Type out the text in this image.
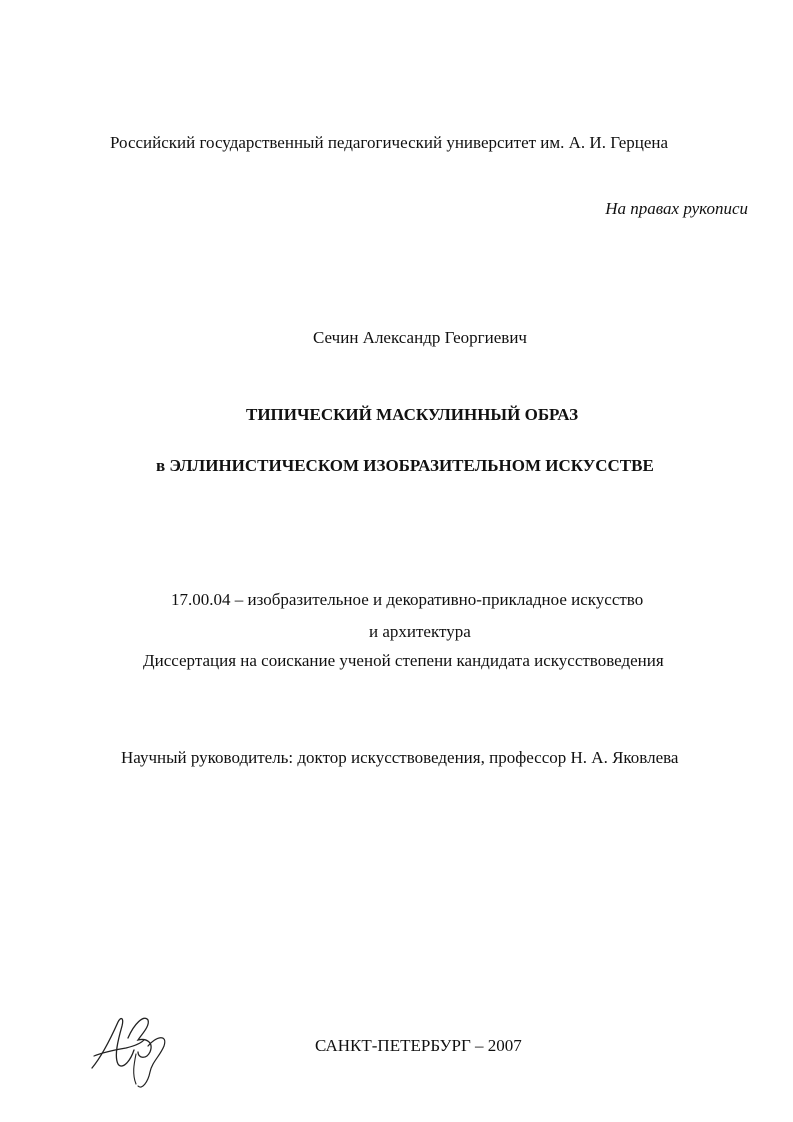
Российский государственный педагогический университет им. А. И. Герцена
На правах рукописи
Сечин Александр Георгиевич
ТИПИЧЕСКИЙ МАСКУЛИННЫЙ ОБРАЗ
в ЭЛЛИНИСТИЧЕСКОМ ИЗОБРАЗИТЕЛЬНОМ ИСКУССТВЕ
17.00.04 – изобразительное и декоративно-прикладное искусство
и архитектура
Диссертация на соискание ученой степени кандидата искусствоведения
Научный руководитель: доктор искусствоведения, профессор Н. А. Яковлева
САНКТ-ПЕТЕРБУРГ – 2007
